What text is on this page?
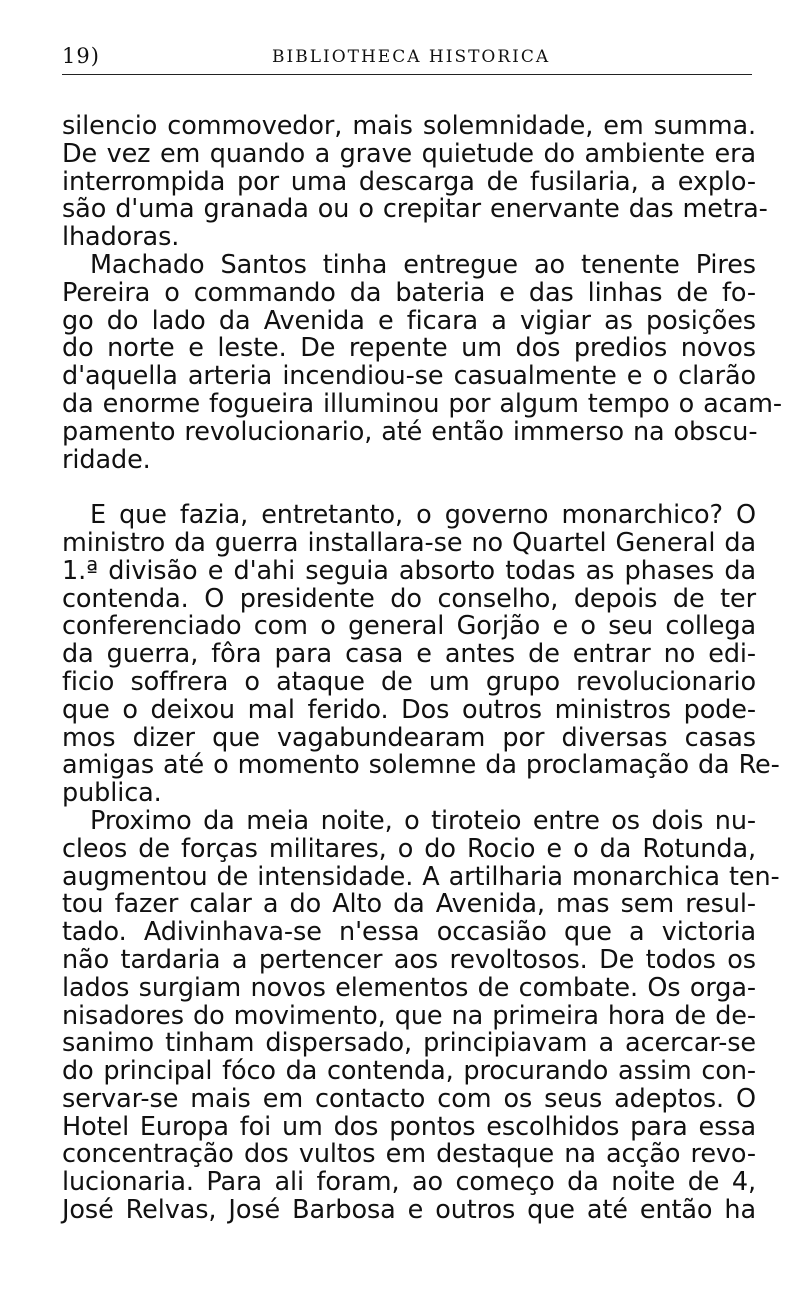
19)	BIBLIOTHECA HISTORICA
silencio commovedor, mais solemnidade, em summa.
De vez em quando a grave quietude do ambiente era
interrompida por uma descarga de fusilaria, a explo-
são d'uma granada ou o crepitar enervante das metra-
lhadoras.
Machado Santos tinha entregue ao tenente Pires
Pereira o commando da bateria e das linhas de fo-
go do lado da Avenida e ficara a vigiar as posições
do norte e leste. De repente um dos predios novos
d'aquella arteria incendiou-se casualmente e o clarão
da enorme fogueira illuminou por algum tempo o acam-
pamento revolucionario, até então immerso na obscu-
ridade.
E que fazia, entretanto, o governo monarchico? O
ministro da guerra installara-se no Quartel General da
1.ª divisão e d'ahi seguia absorto todas as phases da
contenda. O presidente do conselho, depois de ter
conferenciado com o general Gorjão e o seu collega
da guerra, fôra para casa e antes de entrar no edi-
ficio soffrera o ataque de um grupo revolucionario
que o deixou mal ferido. Dos outros ministros pode-
mos dizer que vagabundearam por diversas casas
amigas até o momento solemne da proclamação da Re-
publica.
Proximo da meia noite, o tiroteio entre os dois nu-
cleos de forças militares, o do Rocio e o da Rotunda,
augmentou de intensidade. A artilharia monarchica ten-
tou fazer calar a do Alto da Avenida, mas sem resul-
tado. Adivinhava-se n'essa occasião que a victoria
não tardaria a pertencer aos revoltosos. De todos os
lados surgiam novos elementos de combate. Os orga-
nisadores do movimento, que na primeira hora de de-
sanimo tinham dispersado, principiavam a acercar-se
do principal fóco da contenda, procurando assim con-
servar-se mais em contacto com os seus adeptos. O
Hotel Europa foi um dos pontos escolhidos para essa
concentração dos vultos em destaque na acção revo-
lucionaria. Para ali foram, ao começo da noite de 4,
José Relvas, José Barbosa e outros que até então ha
